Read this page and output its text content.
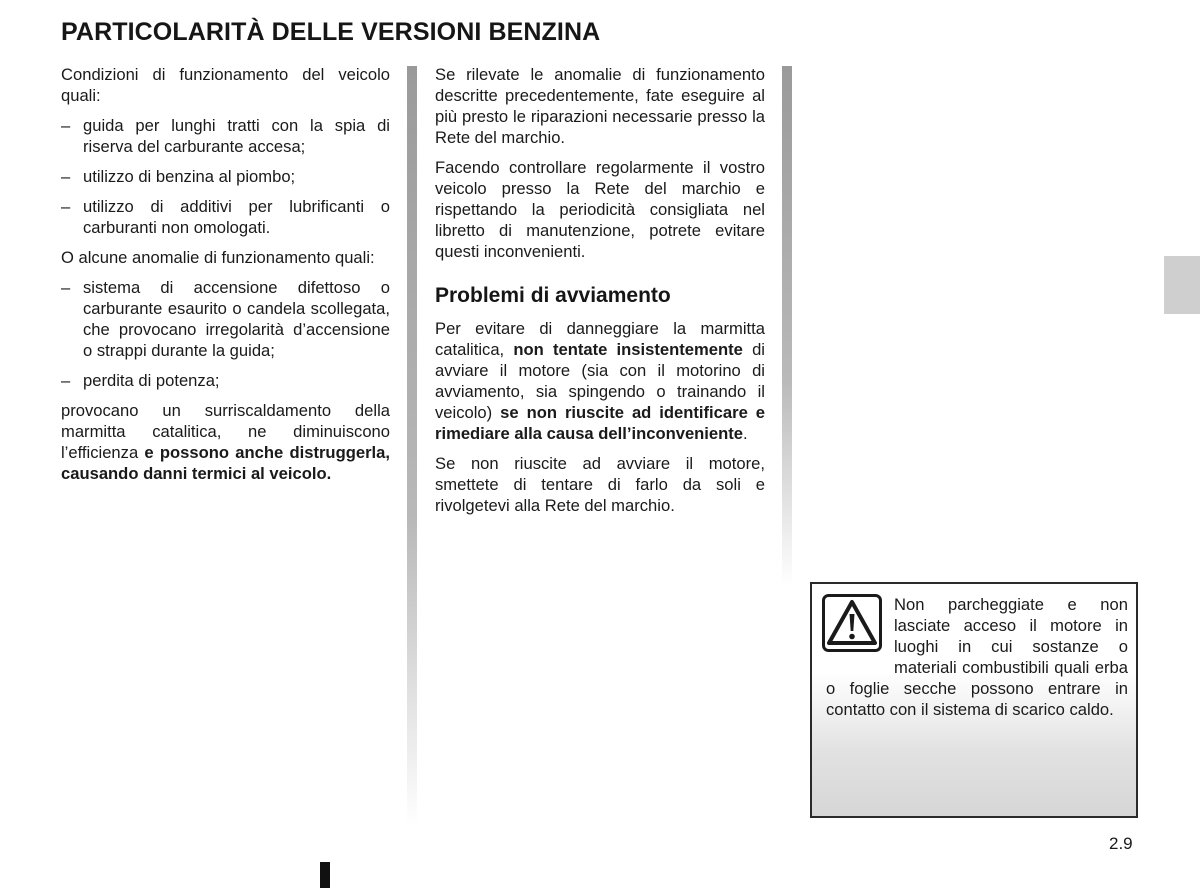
PARTICOLARITÀ DELLE VERSIONI BENZINA

Condizioni di funzionamento del veicolo quali:

– guida per lunghi tratti con la spia di riserva del carburante accesa;
– utilizzo di benzina al piombo;
– utilizzo di additivi per lubrificanti o carburanti non omologati.

O alcune anomalie di funzionamento quali:

– sistema di accensione difettoso o carburante esaurito o candela scollegata, che provocano irregolarità d’accensione o strappi durante la guida;
– perdita di potenza;

provocano un surriscaldamento della marmitta catalitica, ne diminuiscono l’efficienza e possono anche distruggerla, causando danni termici al veicolo.

Se rilevate le anomalie di funzionamento descritte precedentemente, fate eseguire al più presto le riparazioni necessarie presso la Rete del marchio.

Facendo controllare regolarmente il vostro veicolo presso la Rete del marchio e rispettando la periodicità consigliata nel libretto di manutenzione, potrete evitare questi inconvenienti.

Problemi di avviamento

Per evitare di danneggiare la marmitta catalitica, non tentate insistentemente di avviare il motore (sia con il motorino di avviamento, sia spingendo o trainando il veicolo) se non riuscite ad identificare e rimediare alla causa dell’inconveniente.

Se non riuscite ad avviare il motore, smettete di tentare di farlo da soli e rivolgetevi alla Rete del marchio.

Non parcheggiate e non lasciate acceso il motore in luoghi in cui sostanze o materiali combustibili quali erba o foglie secche possono entrare in contatto con il sistema di scarico caldo.
2.9
